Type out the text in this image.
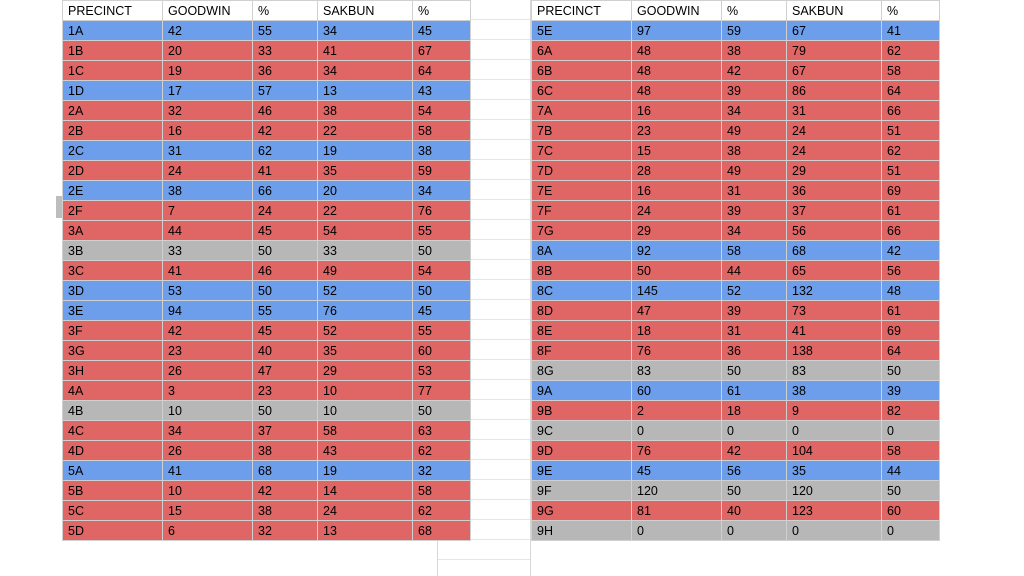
PRECINCT	GOODWIN	%	SAKBUN	%
1A	42	55	34	45
1B	20	33	41	67
1C	19	36	34	64
1D	17	57	13	43
2A	32	46	38	54
2B	16	42	22	58
2C	31	62	19	38
2D	24	41	35	59
2E	38	66	20	34
2F	7	24	22	76
3A	44	45	54	55
3B	33	50	33	50
3C	41	46	49	54
3D	53	50	52	50
3E	94	55	76	45
3F	42	45	52	55
3G	23	40	35	60
3H	26	47	29	53
4A	3	23	10	77
4B	10	50	10	50
4C	34	37	58	63
4D	26	38	43	62
5A	41	68	19	32
5B	10	42	14	58
5C	15	38	24	62
5D	6	32	13	68
PRECINCT	GOODWIN	%	SAKBUN	%
5E	97	59	67	41
6A	48	38	79	62
6B	48	42	67	58
6C	48	39	86	64
7A	16	34	31	66
7B	23	49	24	51
7C	15	38	24	62
7D	28	49	29	51
7E	16	31	36	69
7F	24	39	37	61
7G	29	34	56	66
8A	92	58	68	42
8B	50	44	65	56
8C	145	52	132	48
8D	47	39	73	61
8E	18	31	41	69
8F	76	36	138	64
8G	83	50	83	50
9A	60	61	38	39
9B	2	18	9	82
9C	0	0	0	0
9D	76	42	104	58
9E	45	56	35	44
9F	120	50	120	50
9G	81	40	123	60
9H	0	0	0	0
